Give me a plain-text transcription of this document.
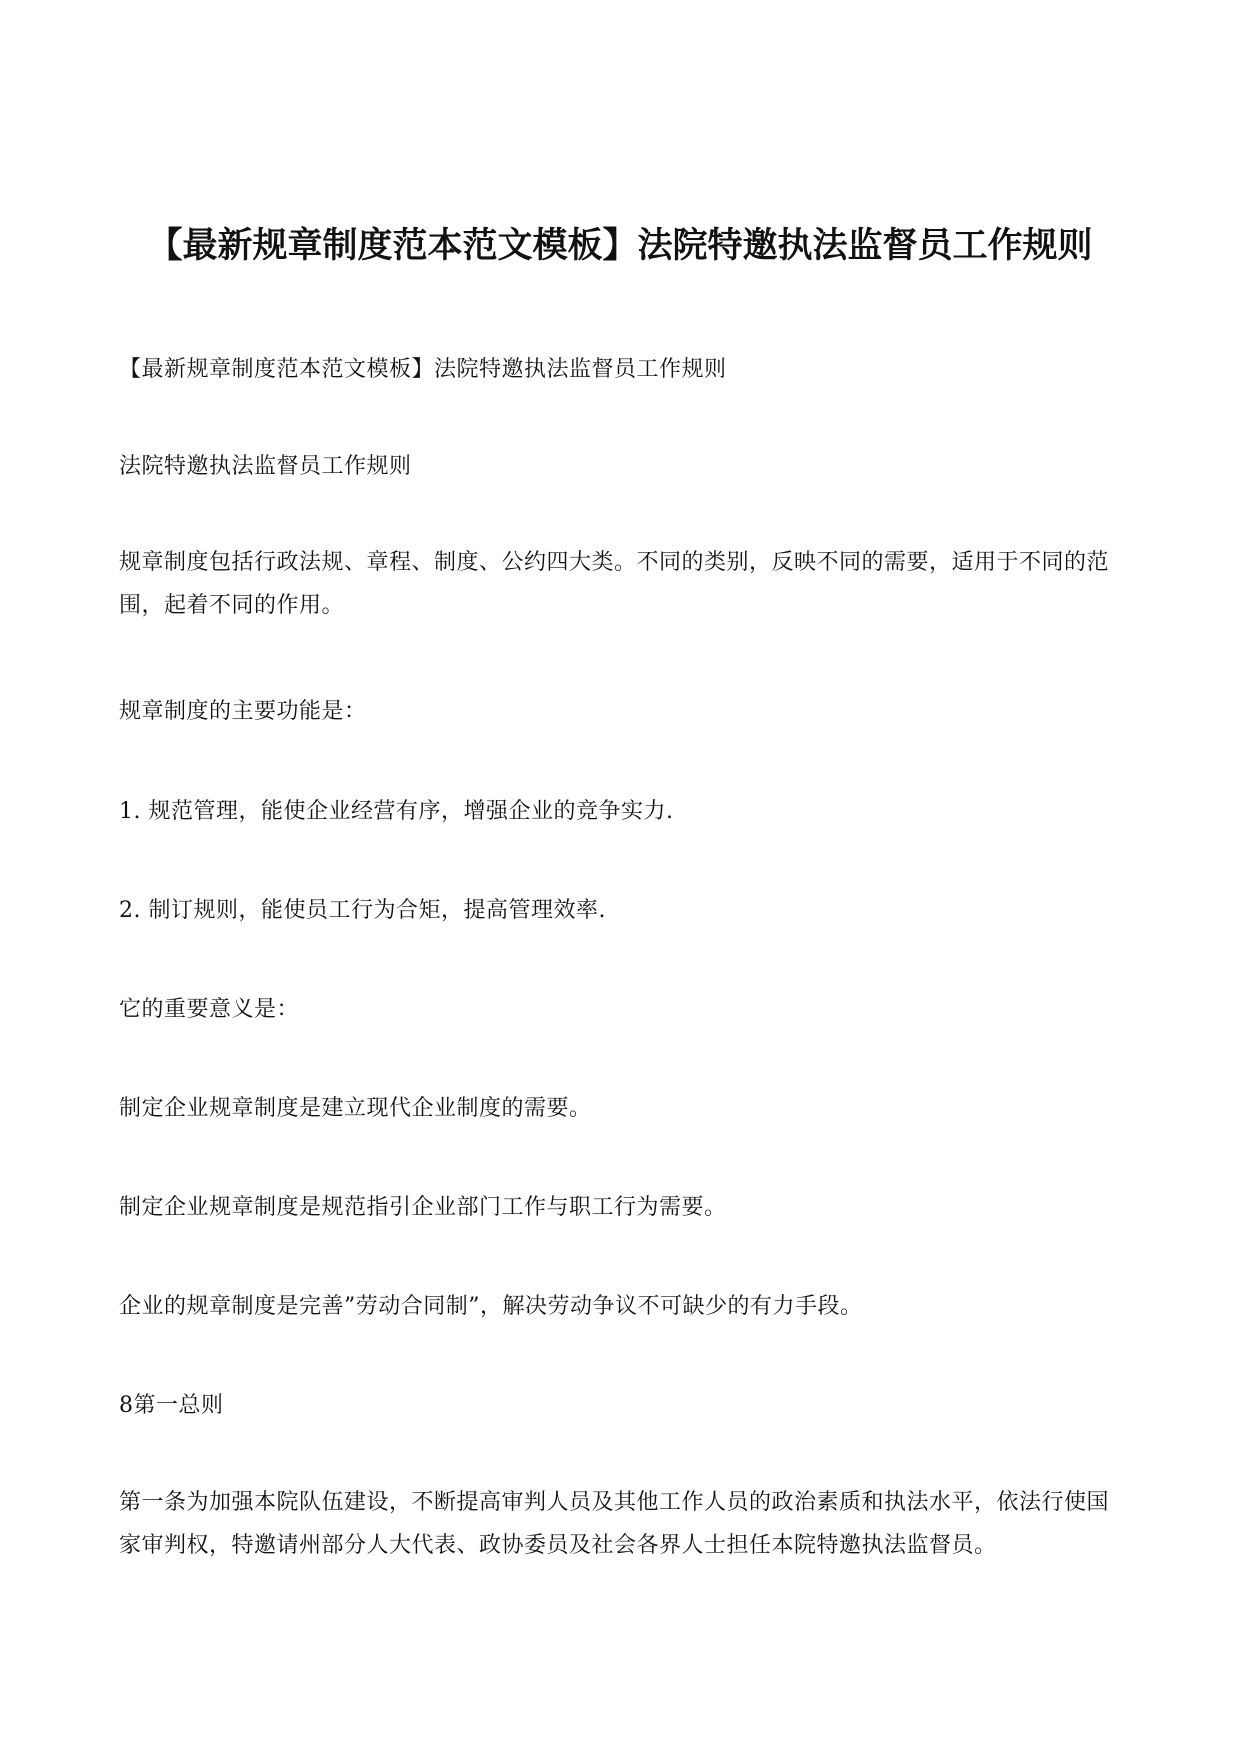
【最新规章制度范本范文模板】法院特邀执法监督员工作规则

【最新规章制度范本范文模板】法院特邀执法监督员工作规则

法院特邀执法监督员工作规则

规章制度包括行政法规、章程、制度、公约四大类。不同的类别，反映不同的需要，适用于不同的范围，起着不同的作用。

规章制度的主要功能是：

1. 规范管理，能使企业经营有序，增强企业的竞争实力.

2. 制订规则，能使员工行为合矩，提高管理效率.

它的重要意义是：

制定企业规章制度是建立现代企业制度的需要。

制定企业规章制度是规范指引企业部门工作与职工行为需要。

企业的规章制度是完善”劳动合同制”，解决劳动争议不可缺少的有力手段。

8第一总则

第一条为加强本院队伍建设，不断提高审判人员及其他工作人员的政治素质和执法水平，依法行使国家审判权，特邀请州部分人大代表、政协委员及社会各界人士担任本院特邀执法监督员。
